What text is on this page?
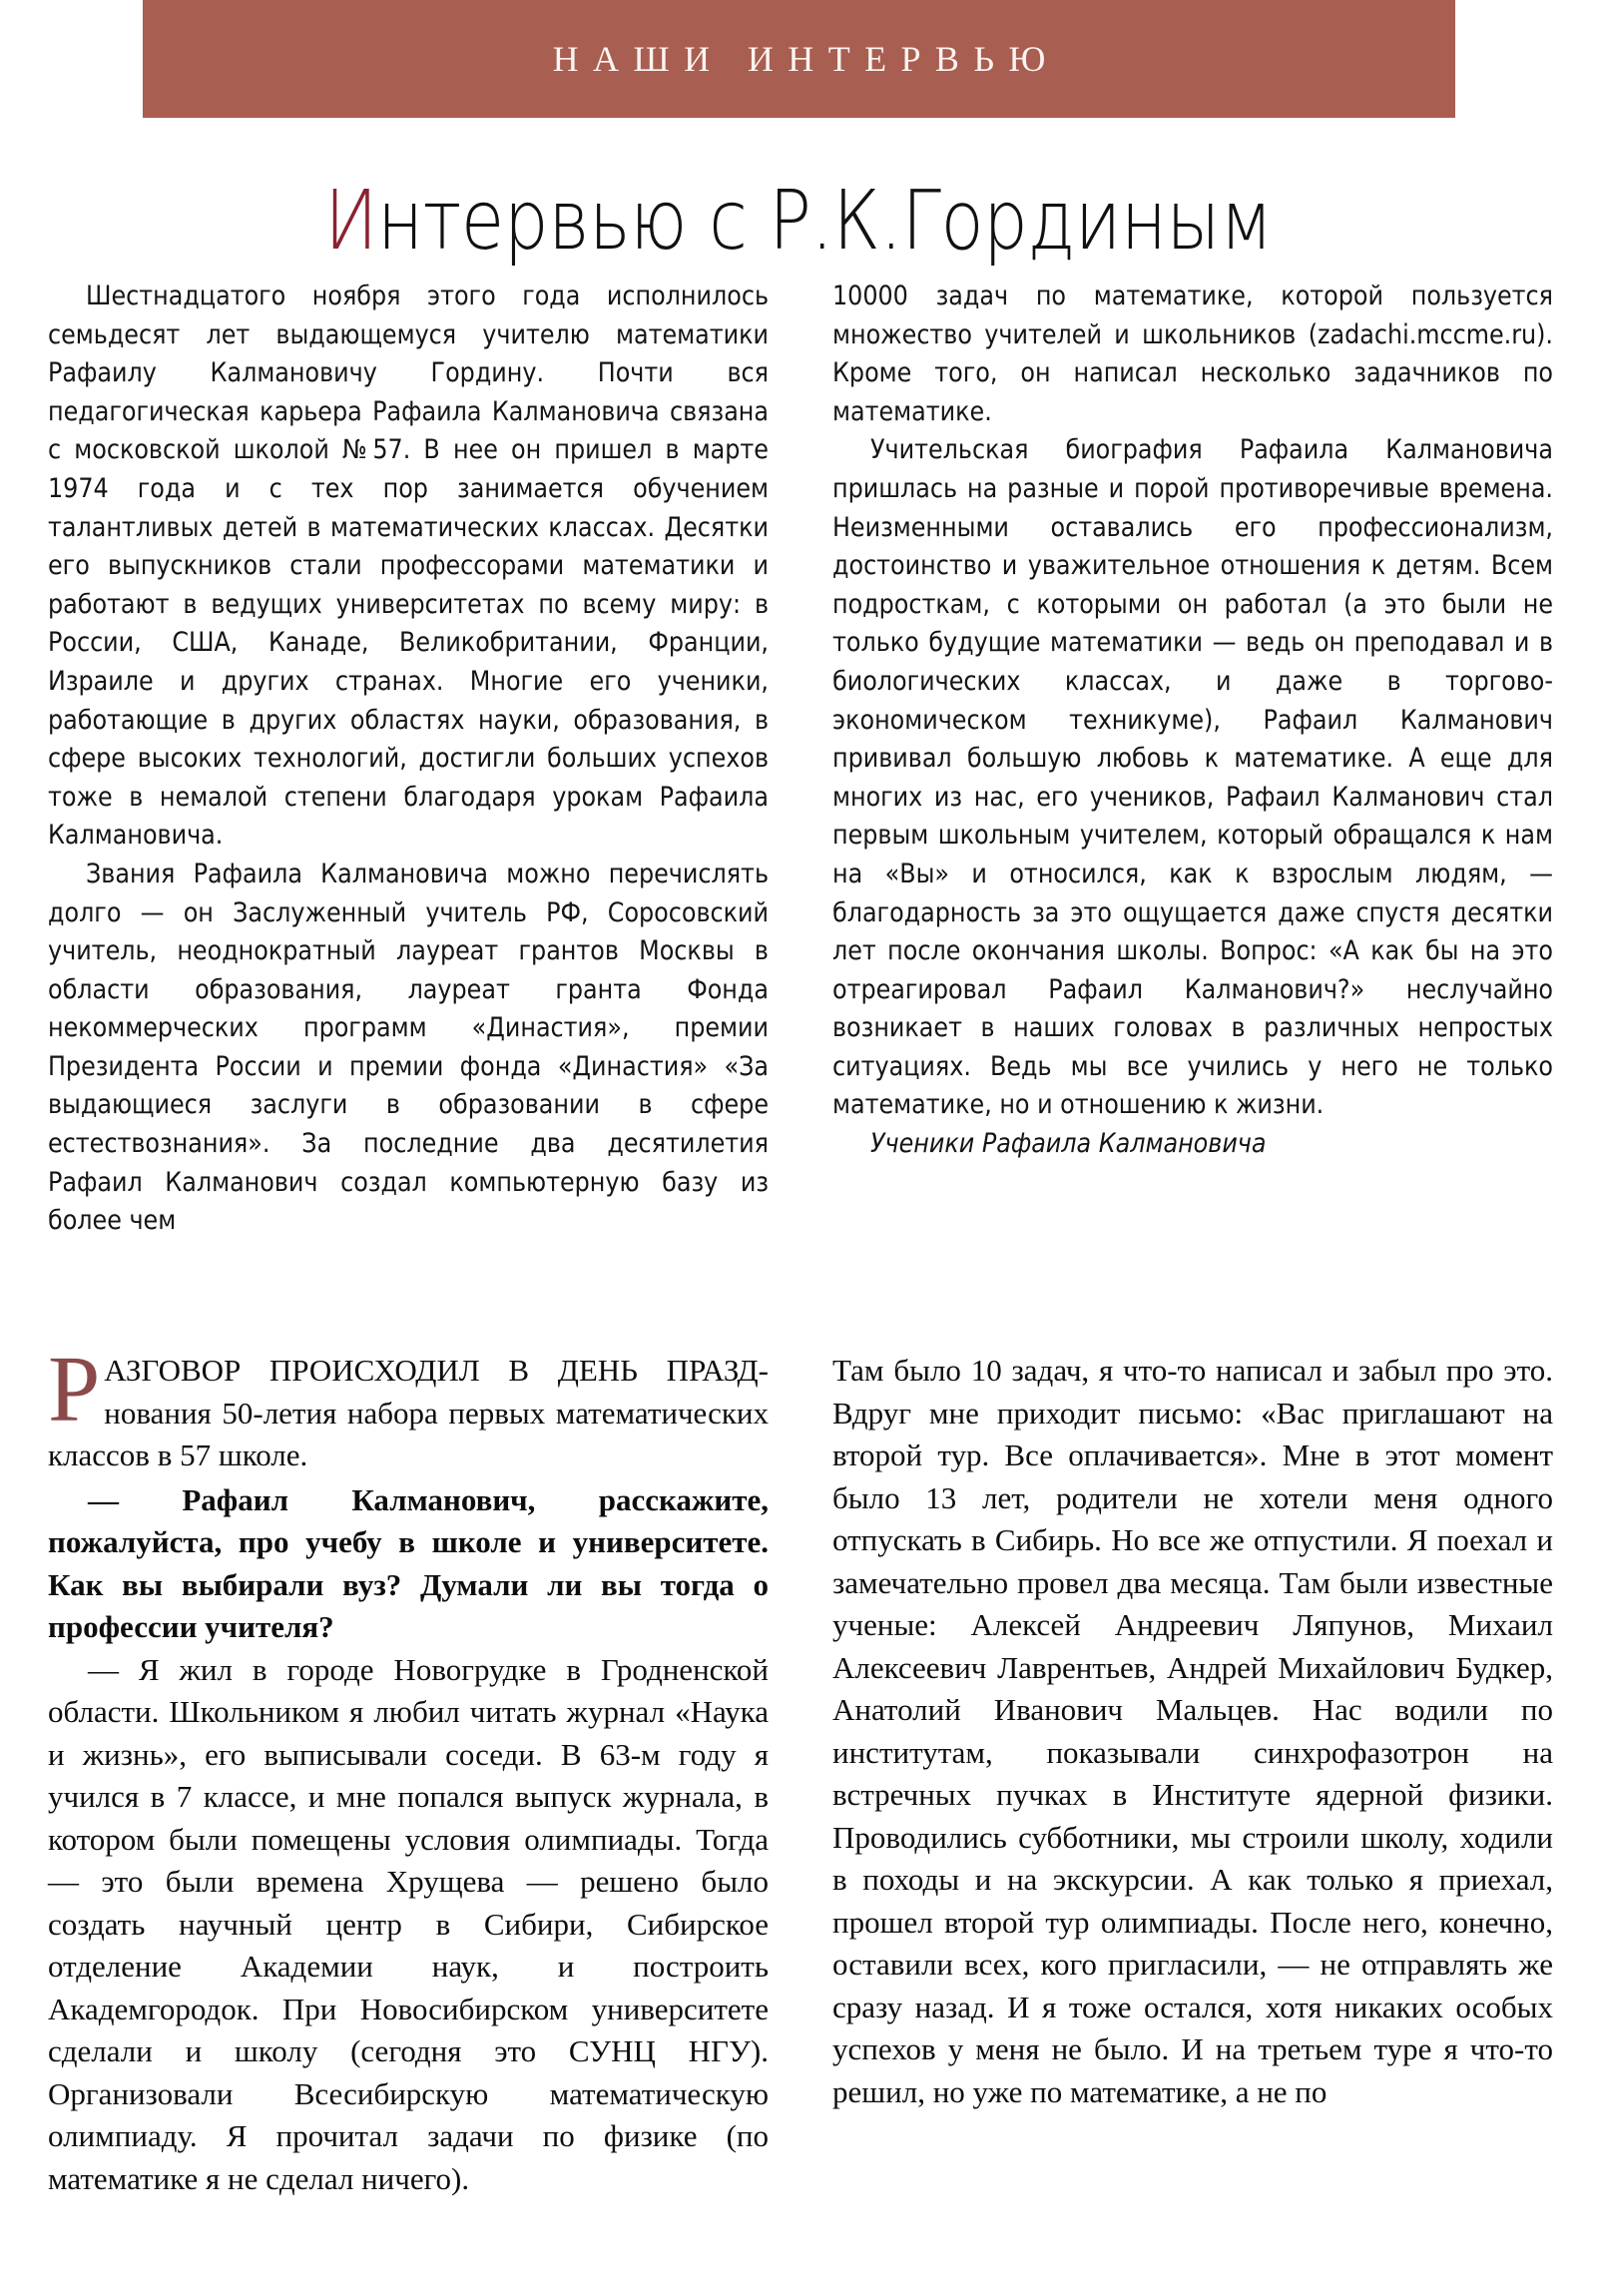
НАШИ ИНТЕРВЬЮ
Интервью с Р.К.Гординым

Шестнадцатого ноября этого года исполнилось семьдесят лет выдающемуся учителю математики Рафаилу Калмановичу Гордину. Почти вся педагогическая карьера Рафаила Калмановича связана с московской школой №57. В нее он пришел в марте 1974 года и с тех пор занимается обучением талантливых детей в математических классах. Десятки его выпускников стали профессорами математики и работают в ведущих университетах по всему миру: в России, США, Канаде, Великобритании, Франции, Израиле и других странах. Многие его ученики, работающие в других областях науки, образования, в сфере высоких технологий, достигли больших успехов тоже в немалой степени благодаря урокам Рафаила Калмановича.

Звания Рафаила Калмановича можно перечислять долго — он Заслуженный учитель РФ, Соросовский учитель, неоднократный лауреат грантов Москвы в области образования, лауреат гранта Фонда некоммерческих программ «Династия», премии Президента России и премии фонда «Династия» «За выдающиеся заслуги в образовании в сфере естествознания». За последние два десятилетия Рафаил Калманович создал компьютерную базу из более чем

10000 задач по математике, которой пользуется множество учителей и школьников (zadachi.mccme.ru). Кроме того, он написал несколько задачников по математике.

Учительская биография Рафаила Калмановича пришлась на разные и порой противоречивые времена. Неизменными оставались его профессионализм, достоинство и уважительное отношения к детям. Всем подросткам, с которыми он работал (а это были не только будущие математики — ведь он преподавал и в биологических классах, и даже в торгово-экономическом техникуме), Рафаил Калманович прививал большую любовь к математике. А еще для многих из нас, его учеников, Рафаил Калманович стал первым школьным учителем, который обращался к нам на «Вы» и относился, как к взрослым людям, — благодарность за это ощущается даже спустя десятки лет после окончания школы. Вопрос: «А как бы на это отреагировал Рафаил Калманович?» неслучайно возникает в наших головах в различных непростых ситуациях. Ведь мы все учились у него не только математике, но и отношению к жизни.

Ученики Рафаила Калмановича

РАЗГОВОР ПРОИСХОДИЛ В ДЕНЬ ПРАЗД-нования 50-летия набора первых математических классов в 57 школе.

— Рафаил Калманович, расскажите, пожалуйста, про учебу в школе и университете. Как вы выбирали вуз? Думали ли вы тогда о профессии учителя?

— Я жил в городе Новогрудке в Гродненской области. Школьником я любил читать журнал «Наука и жизнь», его выписывали соседи. В 63-м году я учился в 7 классе, и мне попался выпуск журнала, в котором были помещены условия олимпиады. Тогда — это были времена Хрущева — решено было создать научный центр в Сибири, Сибирское отделение Академии наук, и построить Академгородок. При Новосибирском университете сделали и школу (сегодня это СУНЦ НГУ). Организовали Всесибирскую математическую олимпиаду. Я прочитал задачи по физике (по математике я не сделал ничего).

Там было 10 задач, я что-то написал и забыл про это. Вдруг мне приходит письмо: «Вас приглашают на второй тур. Все оплачивается». Мне в этот момент было 13 лет, родители не хотели меня одного отпускать в Сибирь. Но все же отпустили. Я поехал и замечательно провел два месяца. Там были известные ученые: Алексей Андреевич Ляпунов, Михаил Алексеевич Лаврентьев, Андрей Михайлович Будкер, Анатолий Иванович Мальцев. Нас водили по институтам, показывали синхрофазотрон на встречных пучках в Институте ядерной физики. Проводились субботники, мы строили школу, ходили в походы и на экскурсии. А как только я приехал, прошел второй тур олимпиады. После него, конечно, оставили всех, кого пригласили, — не отправлять же сразу назад. И я тоже остался, хотя никаких особых успехов у меня не было. И на третьем туре я что-то решил, но уже по математике, а не по
